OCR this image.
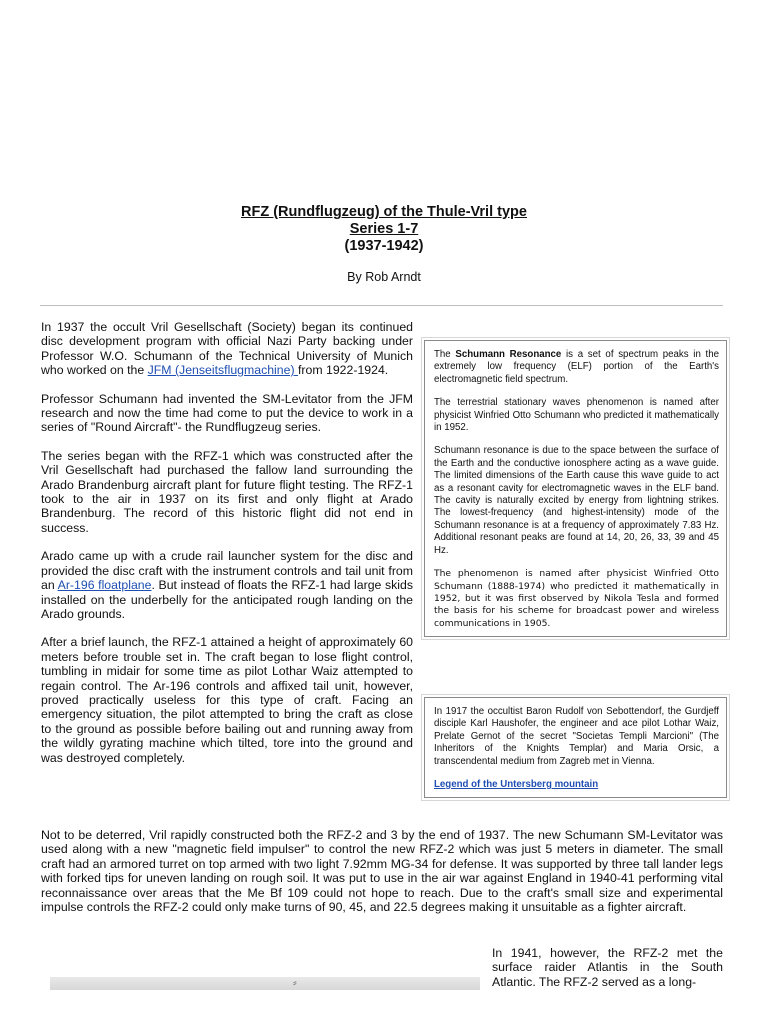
RFZ (Rundflugzeug) of the Thule-Vril type

Series 1-7

(1937-1942)

By Rob Arndt

In 1937 the occult Vril Gesellschaft (Society) began its continued disc development program with official Nazi Party backing under Professor W.O. Schumann of the Technical University of Munich who worked on the JFM (Jenseitsflugmachine) from 1922-1924.

Professor Schumann had invented the SM-Levitator from the JFM research and now the time had come to put the device to work in a series of "Round Aircraft"- the Rundflugzeug series.

The series began with the RFZ-1 which was constructed after the Vril Gesellschaft had purchased the fallow land surrounding the Arado Brandenburg aircraft plant for future flight testing. The RFZ-1 took to the air in 1937 on its first and only flight at Arado Brandenburg. The record of this historic flight did not end in success.

Arado came up with a crude rail launcher system for the disc and provided the disc craft with the instrument controls and tail unit from an Ar-196 floatplane. But instead of floats the RFZ-1 had large skids installed on the underbelly for the anticipated rough landing on the Arado grounds.

After a brief launch, the RFZ-1 attained a height of approximately 60 meters before trouble set in. The craft began to lose flight control, tumbling in midair for some time as pilot Lothar Waiz attempted to regain control. The Ar-196 controls and affixed tail unit, however, proved practically useless for this type of craft. Facing an emergency situation, the pilot attempted to bring the craft as close to the ground as possible before bailing out and running away from the wildly gyrating machine which tilted, tore into the ground and was destroyed completely.

The Schumann Resonance is a set of spectrum peaks in the extremely low frequency (ELF) portion of the Earth's electromagnetic field spectrum.

The terrestrial stationary waves phenomenon is named after physicist Winfried Otto Schumann who predicted it mathematically in 1952.

Schumann resonance is due to the space between the surface of the Earth and the conductive ionosphere acting as a wave guide. The limited dimensions of the Earth cause this wave guide to act as a resonant cavity for electromagnetic waves in the ELF band. The cavity is naturally excited by energy from lightning strikes. The lowest-frequency (and highest-intensity) mode of the Schumann resonance is at a frequency of approximately 7.83 Hz. Additional resonant peaks are found at 14, 20, 26, 33, 39 and 45 Hz.

The phenomenon is named after physicist Winfried Otto Schumann (1888-1974) who predicted it mathematically in 1952, but it was first observed by Nikola Tesla and formed the basis for his scheme for broadcast power and wireless communications in 1905.

In 1917 the occultist Baron Rudolf von Sebottendorf, the Gurdjeff disciple Karl Haushofer, the engineer and ace pilot Lothar Waiz, Prelate Gernot of the secret "Societas Templi Marcioni" (The Inheritors of the Knights Templar) and Maria Orsic, a transcendental medium from Zagreb met in Vienna.

Legend of the Untersberg mountain

Not to be deterred, Vril rapidly constructed both the RFZ-2 and 3 by the end of 1937. The new Schumann SM-Levitator was used along with a new "magnetic field impulser" to control the new RFZ-2 which was just 5 meters in diameter. The small craft had an armored turret on top armed with two light 7.92mm MG-34 for defense. It was supported by three tall lander legs with forked tips for uneven landing on rough soil. It was put to use in the air war against England in 1940-41 performing vital reconnaissance over areas that the Me Bf 109 could not hope to reach. Due to the craft's small size and experimental impulse controls the RFZ-2 could only make turns of 90, 45, and 22.5 degrees making it unsuitable as a fighter aircraft.
In 1941, however, the RFZ-2 met the surface raider Atlantis in the South Atlantic. The RFZ-2 served as a long-
⸗
